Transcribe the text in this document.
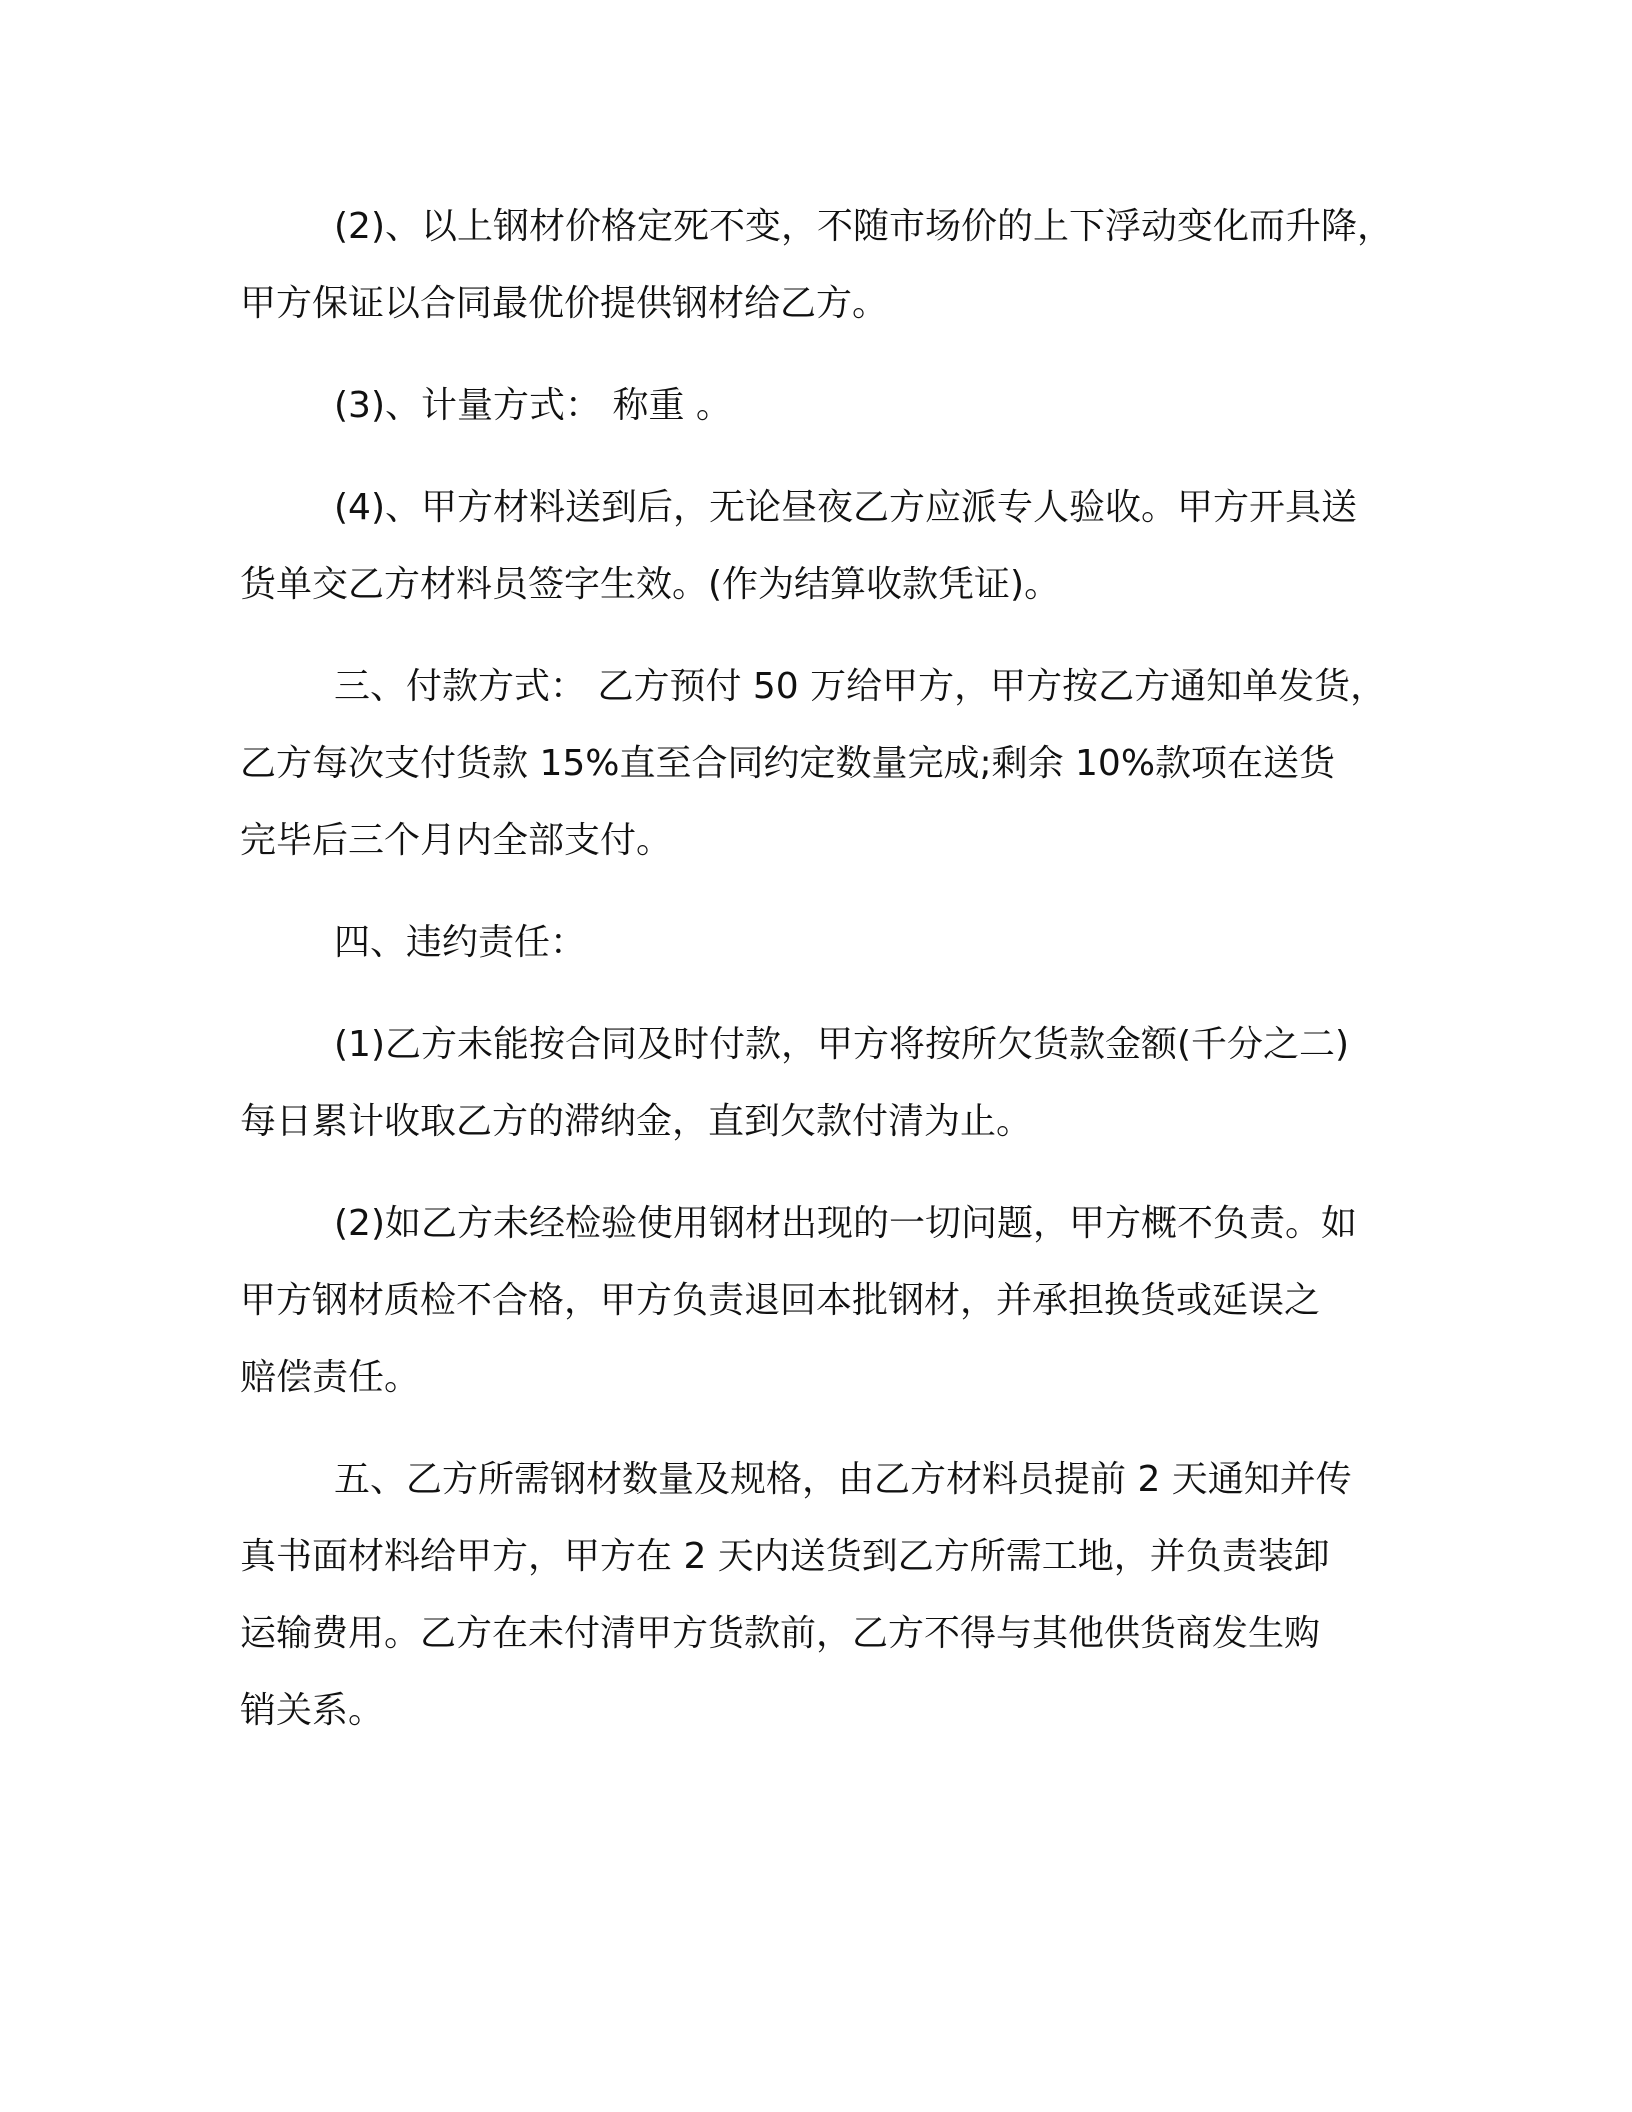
(2)、以上钢材价格定死不变，不随市场价的上下浮动变化而升降，
甲方保证以合同最优价提供钢材给乙方。

(3)、计量方式： 称重 。

(4)、甲方材料送到后，无论昼夜乙方应派专人验收。甲方开具送
货单交乙方材料员签字生效。(作为结算收款凭证)。

三、付款方式： 乙方预付 50 万给甲方，甲方按乙方通知单发货，
乙方每次支付货款 15%直至合同约定数量完成;剩余 10%款项在送货
完毕后三个月内全部支付。

四、违约责任：

(1)乙方未能按合同及时付款，甲方将按所欠货款金额(千分之二)
每日累计收取乙方的滞纳金，直到欠款付清为止。

(2)如乙方未经检验使用钢材出现的一切问题，甲方概不负责。如
甲方钢材质检不合格，甲方负责退回本批钢材，并承担换货或延误之
赔偿责任。

五、乙方所需钢材数量及规格，由乙方材料员提前 2 天通知并传
真书面材料给甲方，甲方在 2 天内送货到乙方所需工地，并负责装卸
运输费用。乙方在未付清甲方货款前，乙方不得与其他供货商发生购
销关系。
